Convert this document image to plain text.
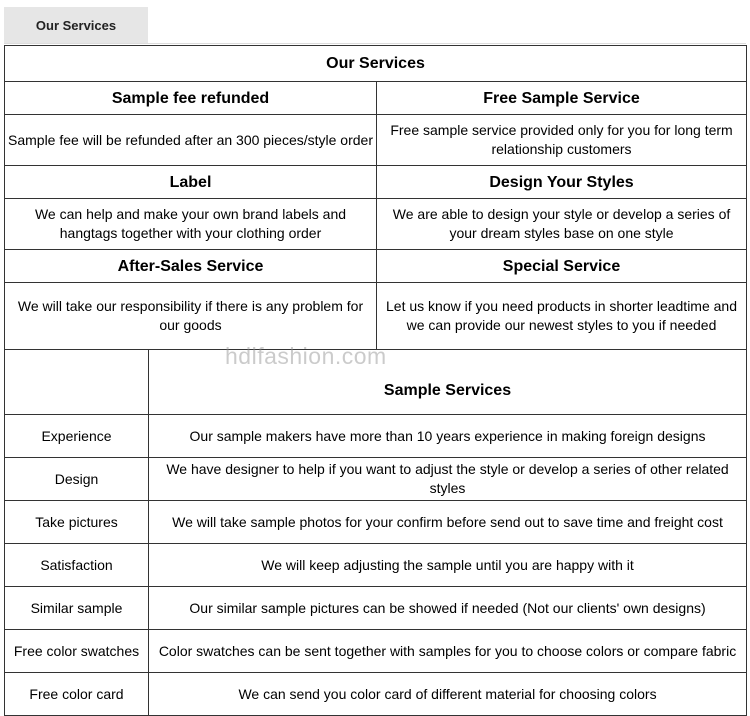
Our Services
Our Services		
Sample fee refunded		Free Sample Service
Sample fee will be refunded after an 300 pieces/style order		Free sample service provided only for you for long term relationship customers
Label		Design Your Styles
We can help and make your own brand labels and hangtags together with your clothing order		We are able to design your style or develop a series of your dream styles base on one style
After-Sales Service		Special Service
We will take our responsibility if there is any problem for our goods		Let us know if you need products in shorter leadtime and we can provide our newest styles to you if needed
	Sample Services	
Experience	Our sample makers have more than 10 years experience in making foreign designs	
Design	We have designer to help if you want to adjust the style or develop a series of other related styles	
Take pictures	We will take sample photos for your confirm before send out to save time and freight cost	
Satisfaction	We will keep adjusting the sample until you are happy with it	
Similar sample	Our similar sample pictures can be showed if needed (Not our clients' own designs)	
Free color swatches	Color swatches can be sent together with samples for you to choose colors or compare fabric	
Free color card	We can send you color card of different material for choosing colors	
hdlfashion.com
